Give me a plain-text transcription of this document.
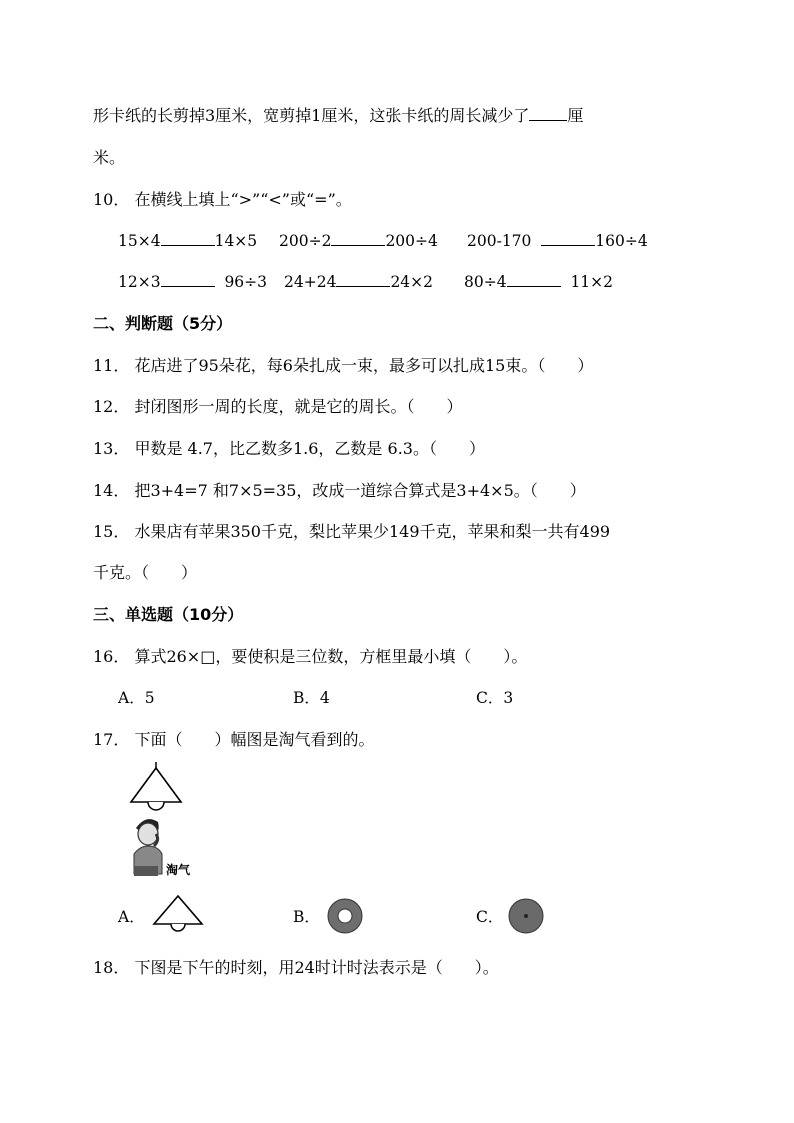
形卡纸的长剪掉3厘米，宽剪掉1厘米，这张卡纸的周长减少了 厘
米。
10． 在横线上填上“>”“<”或“=”。
15×4	14×5 200÷2	200÷4 200-170	160÷4
12×3	96÷3 24+24	24×2 80÷4	11×2
二、判断题（5分）
11． 花店进了95朵花，每6朵扎成一束，最多可以扎成15束。（　　）
12． 封闭图形一周的长度，就是它的周长。（　　）
13． 甲数是 4.7，比乙数多1.6，乙数是 6.3。（　　）
14． 把3+4=7 和7×5=35，改成一道综合算式是3+4×5。（　　）
15． 水果店有苹果350千克，梨比苹果少149千克，苹果和梨一共有499
千克。（　　）
三、单选题（10分）
16． 算式26×□，要使积是三位数，方框里最小填（　　）。
A．5	B．4	C．3
17． 下面（　　）幅图是淘气看到的。
淘气
A．	B．	C．
18． 下图是下午的时刻，用24时计时法表示是（　　）。
